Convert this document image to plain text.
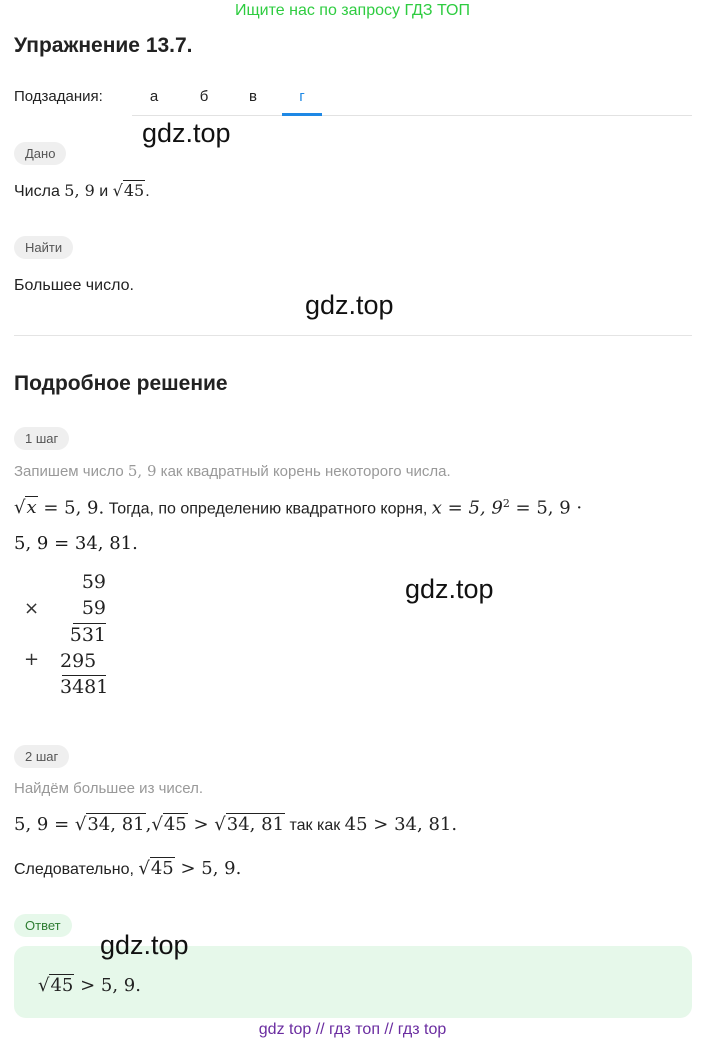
Ищите нас по запросу ГДЗ ТОП
Упражнение 13.7.
Подзадания:	а	б	в	г
gdz.top
Дано
Числа 5, 9 и √45.
Найти
Большее число.
gdz.top
Подробное решение
1 шаг
Запишем число 5, 9 как квадратный корень некоторого числа.
√x = 5, 9. Тогда, по определению квадратного корня, x = 5, $9^2 = 5$, 9 ·
5, 9 = 34, 81.
59
×	59
531
+ 295
3481
gdz.top
2 шаг
Найдём большее из чисел.
5, 9 = √34, 81,√45 > √34, 81 так как 45 > 34, 81.
Следовательно, √45 > 5, 9.
Ответ
gdz.top
√45 > 5, 9.
gdz top // гдз топ // гдз top
